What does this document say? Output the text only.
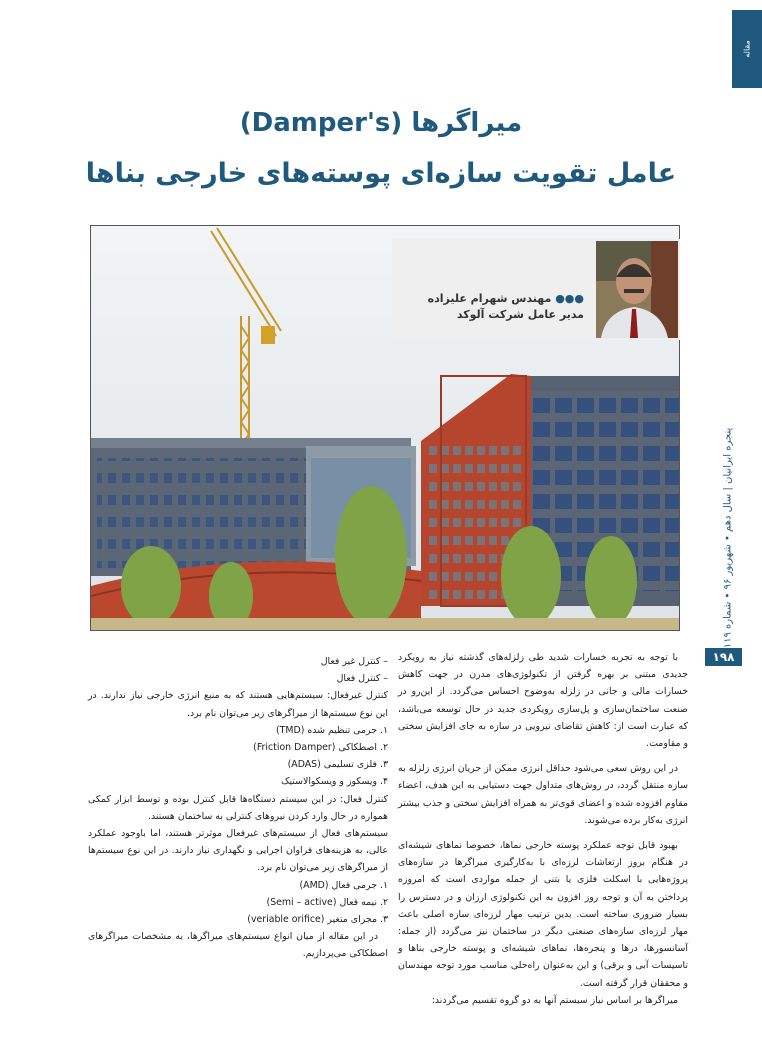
مقاله
میراگرها (Damper's)
عامل تقویت سازه‌ای پوسته‌های خارجی بناها
●●● مهندس شهرام علیزاده
مدیر عامل شرکت آلوکد
پنجره ایرانیان | سال دهم • شهریور ۹۶ • شماره ۱۱۹
۱۹۸

با توجه به تجربه خسارات شدید طی زلزله‌های گذشته نیاز به رویکرد جدیدی مبتنی بر بهره گرفتن از تکنولوژی‌های مدرن در جهت کاهش خسارات مالی و جانی در زلزله به‌وضوح احساس می‌گردد. از این‌رو در صنعت ساختمان‌سازی و پل‌سازی رویکردی جدید در حال توسعه می‌باشد، که عبارت است از: کاهش تقاضای نیرویی در سازه به جای افزایش سختی و مقاومت.

در این روش سعی می‌شود حداقل انرژی ممکن از جریان انرژی زلزله به سازه منتقل گردد، در روش‌های متداول جهت دستیابی به این هدف، اعضاء مقاوم افزوده شده و اعضای قوی‌تر به همراه افزایش سختی و جذب بیشتر انرژی به‌کار برده می‌شوند.

بهبود قابل توجه عملکرد پوسته خارجی نماها، خصوصا نماهای شیشه‌ای در هنگام بروز ارتعاشات لرزه‌ای با به‌کارگیری میراگرها در سازه‌های پروژه‌هایی با اسکلت فلزی یا بتنی از جمله مواردی است که امروزه پرداختن به آن و توجه روز افزون به این تکنولوژی ارزان و در دسترس را بسیار ضروری ساخته است. بدین ترتیب مهار لرزه‌ای سازه اصلی باعث مهار لرزه‌ای سازه‌های صنعتی دیگر در ساختمان نیز می‌گردد (از جمله: آسانسورها، درها و پنجره‌ها، نماهای شیشه‌ای و پوسته خارجی بناها و تاسیسات آبی و برقی) و این به‌عنوان راه‌حلی مناسب مورد توجه مهندسان و محققان قرار گرفته است.

میراگرها بر اساس نیاز سیستم آنها به دو گروه تقسیم می‌گردند:

– کنترل غیر فعال

– کنترل فعال

کنترل غیرفعال: سیستم‌هایی هستند که به منبع انرژی خارجی نیاز ندارند. در این نوع سیستم‌ها از میراگرهای زیر می‌توان نام برد.

۱. جرمی تنظیم شده (TMD)

۲. اصطکاکی (Friction Damper)

۳. فلزی تسلیمی (ADAS)

۴. ویسکوز و ویسکوالاستیک

کنترل فعال: در این سیستم دستگاه‌ها قابل کنترل بوده و توسط ابزار کمکی همواره در حال وارد کردن نیروهای کنترلی به ساختمان هستند.

سیستم‌های فعال از سیستم‌های غیرفعال موثرتر هستند، اما باوجود عملکرد عالی، به هزینه‌های فراوان اجرایی و نگهداری نیاز دارند. در این نوع سیستم‌ها از میراگرهای زیر می‌توان نام برد.

۱. جرمی فعال (AMD)

۲. نیمه فعال (Semi – active)

۳. مجرای متغیر (veriable orifice)

در این مقاله از میان انواع سیستم‌های میراگرها، به مشخصات میراگرهای اصطکاکی می‌پردازیم.
